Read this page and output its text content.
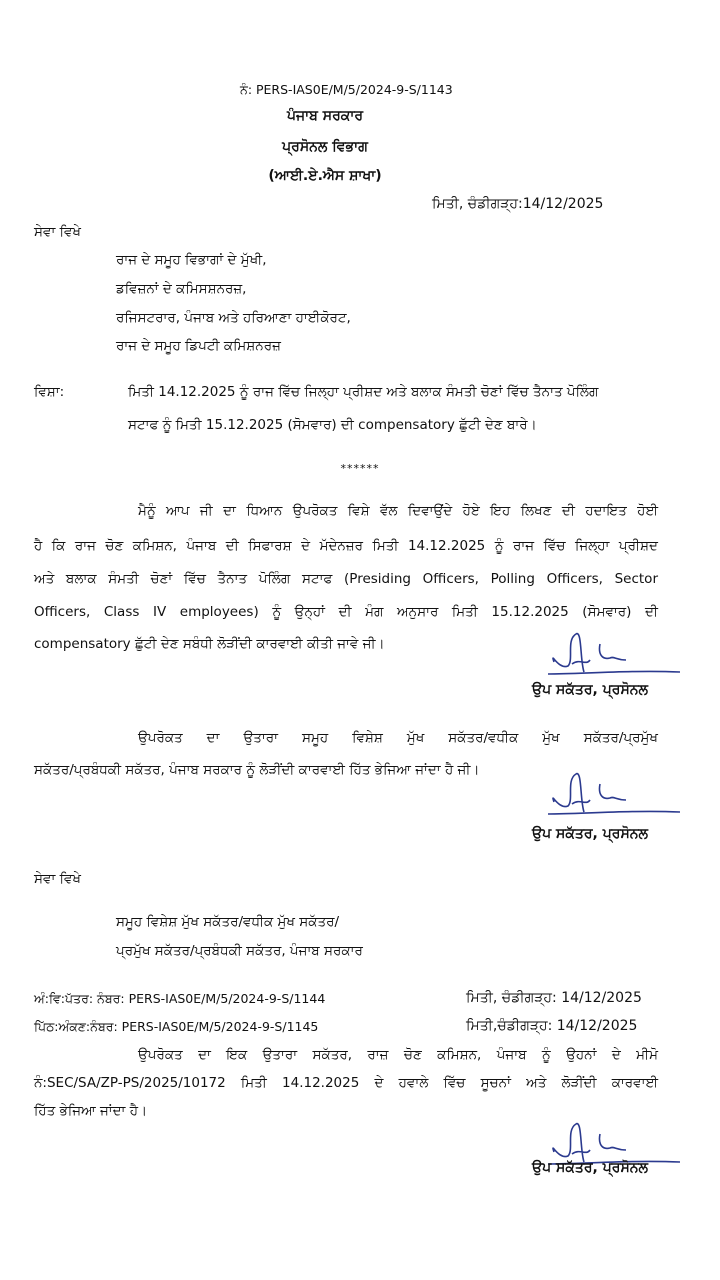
ਨੰ: PERS-IAS0E/M/5/2024-9-S/1143
ਪੰਜਾਬ ਸਰਕਾਰ
ਪ੍ਰਸੋਨਲ ਵਿਭਾਗ
(ਆਈ.ਏ.ਐਸ ਸ਼ਾਖਾ)
ਮਿਤੀ, ਚੰਡੀਗੜ੍ਹ:14/12/2025
ਸੇਵਾ ਵਿਖੇ
ਰਾਜ ਦੇ ਸਮੂਹ ਵਿਭਾਗਾਂ ਦੇ ਮੁੱਖੀ,
ਡਵਿਜ਼ਨਾਂ ਦੇ ਕਮਿਸਸ਼ਨਰਜ਼,
ਰਜਿਸਟਰਾਰ, ਪੰਜਾਬ ਅਤੇ ਹਰਿਆਣਾ ਹਾਈਕੋਰਟ,
ਰਾਜ ਦੇ ਸਮੂਹ ਡਿਪਟੀ ਕਮਿਸ਼ਨਰਜ਼
ਵਿਸ਼ਾ:	ਮਿਤੀ 14.12.2025 ਨੂੰ ਰਾਜ ਵਿੱਚ ਜਿਲ੍ਹਾ ਪ੍ਰੀਸ਼ਦ ਅਤੇ ਬਲਾਕ ਸੰਮਤੀ ਚੋਣਾਂ ਵਿੱਚ ਤੈਨਾਤ ਪੋਲਿੰਗ
ਸਟਾਫ ਨੂੰ ਮਿਤੀ 15.12.2025 (ਸੋਮਵਾਰ) ਦੀ compensatory ਛੁੱਟੀ ਦੇਣ ਬਾਰੇ।
******
ਮੈਨੂੰ ਆਪ ਜੀ ਦਾ ਧਿਆਨ ਉਪਰੋਕਤ ਵਿਸ਼ੇ ਵੱਲ ਦਿਵਾਉਂਦੇ ਹੋਏ ਇਹ ਲਿਖਣ ਦੀ ਹਦਾਇਤ ਹੋਈ
ਹੈ ਕਿ ਰਾਜ ਚੋਣ ਕਮਿਸ਼ਨ, ਪੰਜਾਬ ਦੀ ਸਿਫਾਰਸ਼ ਦੇ ਮੱਦੇਨਜ਼ਰ ਮਿਤੀ 14.12.2025 ਨੂੰ ਰਾਜ ਵਿੱਚ ਜਿਲ੍ਹਾ ਪ੍ਰੀਸ਼ਦ
ਅਤੇ ਬਲਾਕ ਸੰਮਤੀ ਚੋਣਾਂ ਵਿੱਚ ਤੈਨਾਤ ਪੋਲਿੰਗ ਸਟਾਫ (Presiding Officers, Polling Officers, Sector
Officers, Class IV employees) ਨੂੰ ਉਨ੍ਹਾਂ ਦੀ ਮੰਗ ਅਨੁਸਾਰ ਮਿਤੀ 15.12.2025 (ਸੋਮਵਾਰ) ਦੀ
compensatory ਛੁੱਟੀ ਦੇਣ ਸਬੰਧੀ ਲੋੜੀਂਦੀ ਕਾਰਵਾਈ ਕੀਤੀ ਜਾਵੇ ਜੀ।
ਉਪ ਸਕੱਤਰ, ਪ੍ਰਸੋਨਲ
ਉਪਰੋਕਤ ਦਾ ਉਤਾਰਾ ਸਮੂਹ ਵਿਸ਼ੇਸ਼ ਮੁੱਖ ਸਕੱਤਰ/ਵਧੀਕ ਮੁੱਖ ਸਕੱਤਰ/ਪ੍ਰਮੁੱਖ
ਸਕੱਤਰ/ਪ੍ਰਬੰਧਕੀ ਸਕੱਤਰ, ਪੰਜਾਬ ਸਰਕਾਰ ਨੂੰ ਲੋੜੀਂਦੀ ਕਾਰਵਾਈ ਹਿੱਤ ਭੇਜਿਆ ਜਾਂਦਾ ਹੈ ਜੀ।
ਉਪ ਸਕੱਤਰ, ਪ੍ਰਸੋਨਲ
ਸੇਵਾ ਵਿਖੇ
ਸਮੂਹ ਵਿਸ਼ੇਸ਼ ਮੁੱਖ ਸਕੱਤਰ/ਵਧੀਕ ਮੁੱਖ ਸਕੱਤਰ/
ਪ੍ਰਮੁੱਖ ਸਕੱਤਰ/ਪ੍ਰਬੰਧਕੀ ਸਕੱਤਰ, ਪੰਜਾਬ ਸਰਕਾਰ
ਅੰ:ਵਿ:ਪੱਤਰ: ਨੰਬਰ: PERS-IAS0E/M/5/2024-9-S/1144	ਮਿਤੀ, ਚੰਡੀਗੜ੍ਹ: 14/12/2025
ਪਿੱਠ:ਅੰਕਣ:ਨੰਬਰ: PERS-IAS0E/M/5/2024-9-S/1145	ਮਿਤੀ,ਚੰਡੀਗੜ੍ਹ: 14/12/2025
ਉਪਰੋਕਤ ਦਾ ਇਕ ਉਤਾਰਾ ਸਕੱਤਰ, ਰਾਜ਼ ਚੋਣ ਕਮਿਸ਼ਨ, ਪੰਜਾਬ ਨੂੰ ਉਹਨਾਂ ਦੇ ਮੀਮੋ
ਨੰ:SEC/SA/ZP-PS/2025/10172 ਮਿਤੀ 14.12.2025 ਦੇ ਹਵਾਲੇ ਵਿੱਚ ਸੂਚਨਾਂ ਅਤੇ ਲੋੜੀਂਦੀ ਕਾਰਵਾਈ
ਹਿੱਤ ਭੇਜਿਆ ਜਾਂਦਾ ਹੈ।
ਉਪ ਸਕੱਤਰ, ਪ੍ਰਸੋਨਲ
